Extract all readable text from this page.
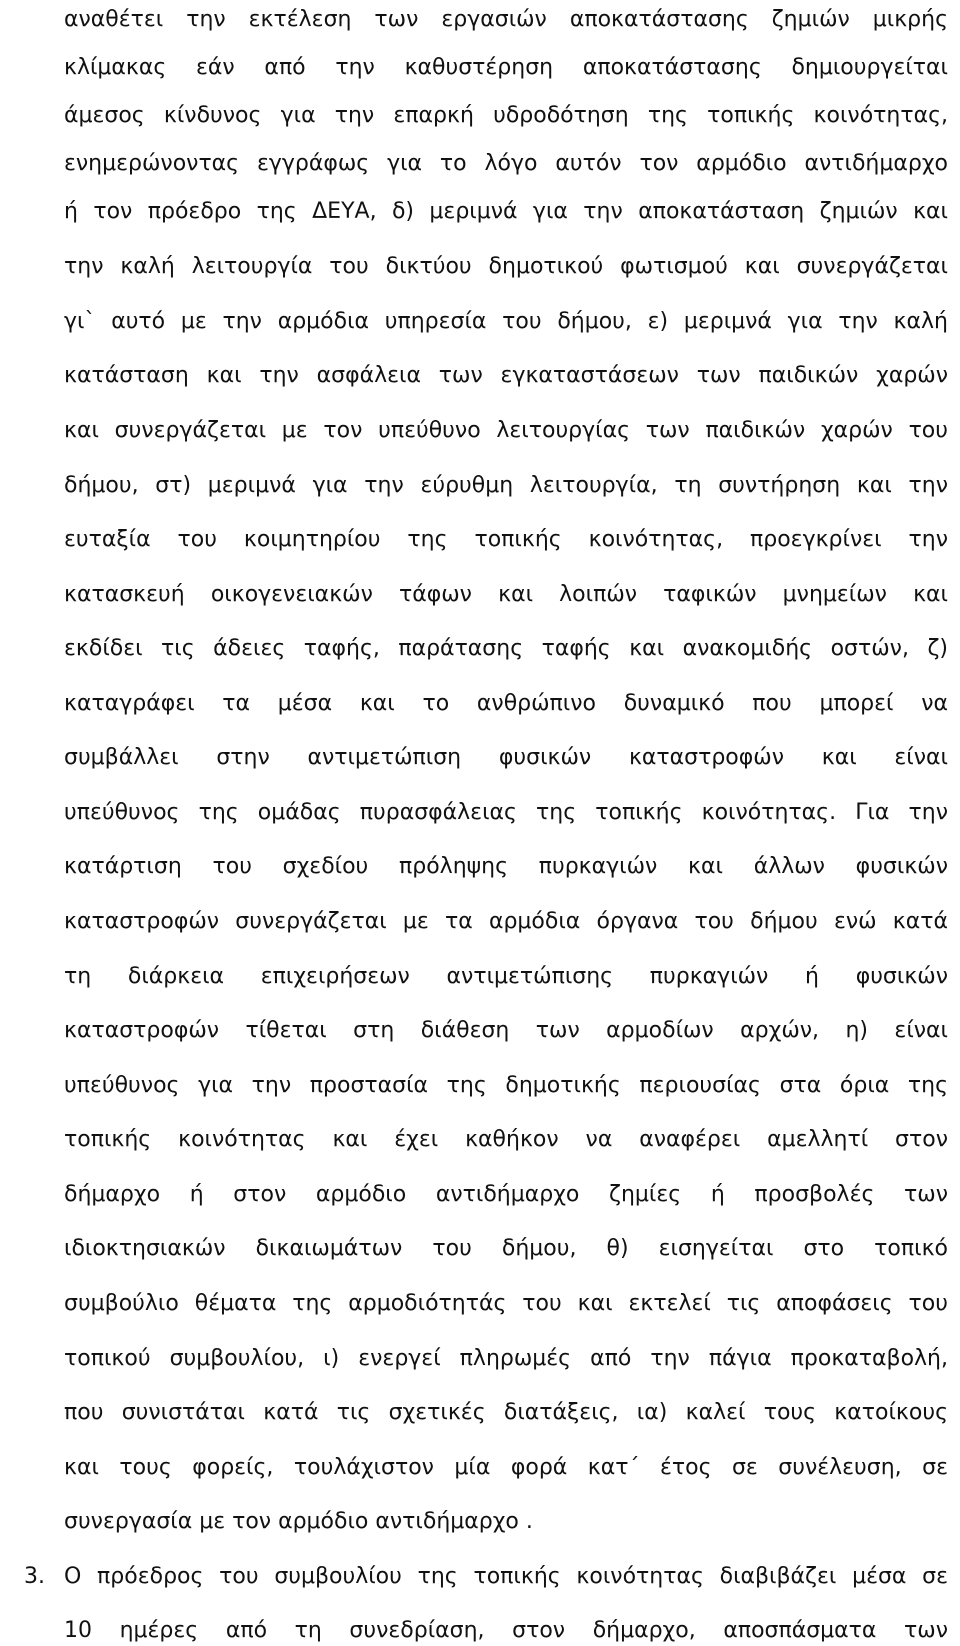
αναθέτει την εκτέλεση των εργασιών αποκατάστασης ζημιών μικρής
κλίμακας εάν από την καθυστέρηση αποκατάστασης δημιουργείται
άμεσος κίνδυνος για την επαρκή υδροδότηση της τοπικής κοινότητας,
ενημερώνοντας εγγράφως για το λόγο αυτόν τον αρμόδιο αντιδήμαρχο
ή τον πρόεδρο της ΔΕΥΑ, δ) μεριμνά για την αποκατάσταση ζημιών και
την καλή λειτουργία του δικτύου δημοτικού φωτισμού και συνεργάζεται
γι` αυτό με την αρμόδια υπηρεσία του δήμου, ε) μεριμνά για την καλή
κατάσταση και την ασφάλεια των εγκαταστάσεων των παιδικών χαρών
και συνεργάζεται με τον υπεύθυνο λειτουργίας των παιδικών χαρών του
δήμου, στ) μεριμνά για την εύρυθμη λειτουργία, τη συντήρηση και την
ευταξία του κοιμητηρίου της τοπικής κοινότητας, προεγκρίνει την
κατασκευή οικογενειακών τάφων και λοιπών ταφικών μνημείων και
εκδίδει τις άδειες ταφής, παράτασης ταφής και ανακομιδής οστών, ζ)
καταγράφει τα μέσα και το ανθρώπινο δυναμικό που μπορεί να
συμβάλλει στην αντιμετώπιση φυσικών καταστροφών και είναι
υπεύθυνος της ομάδας πυρασφάλειας της τοπικής κοινότητας. Για την
κατάρτιση του σχεδίου πρόληψης πυρκαγιών και άλλων φυσικών
καταστροφών συνεργάζεται με τα αρμόδια όργανα του δήμου ενώ κατά
τη διάρκεια επιχειρήσεων αντιμετώπισης πυρκαγιών ή φυσικών
καταστροφών τίθεται στη διάθεση των αρμοδίων αρχών, η) είναι
υπεύθυνος για την προστασία της δημοτικής περιουσίας στα όρια της
τοπικής κοινότητας και έχει καθήκον να αναφέρει αμελλητί στον
δήμαρχο ή στον αρμόδιο αντιδήμαρχο ζημίες ή προσβολές των
ιδιοκτησιακών δικαιωμάτων του δήμου, θ) εισηγείται στο τοπικό
συμβούλιο θέματα της αρμοδιότητάς του και εκτελεί τις αποφάσεις του
τοπικού συμβουλίου, ι) ενεργεί πληρωμές από την πάγια προκαταβολή,
που συνιστάται κατά τις σχετικές διατάξεις, ια) καλεί τους κατοίκους
και τους φορείς, τουλάχιστον μία φορά κατ΄ έτος σε συνέλευση, σε
συνεργασία με τον αρμόδιο αντιδήμαρχο .
3. Ο πρόεδρος του συμβουλίου της τοπικής κοινότητας διαβιβάζει μέσα σε
10 ημέρες από τη συνεδρίαση, στον δήμαρχο, αποσπάσματα των
